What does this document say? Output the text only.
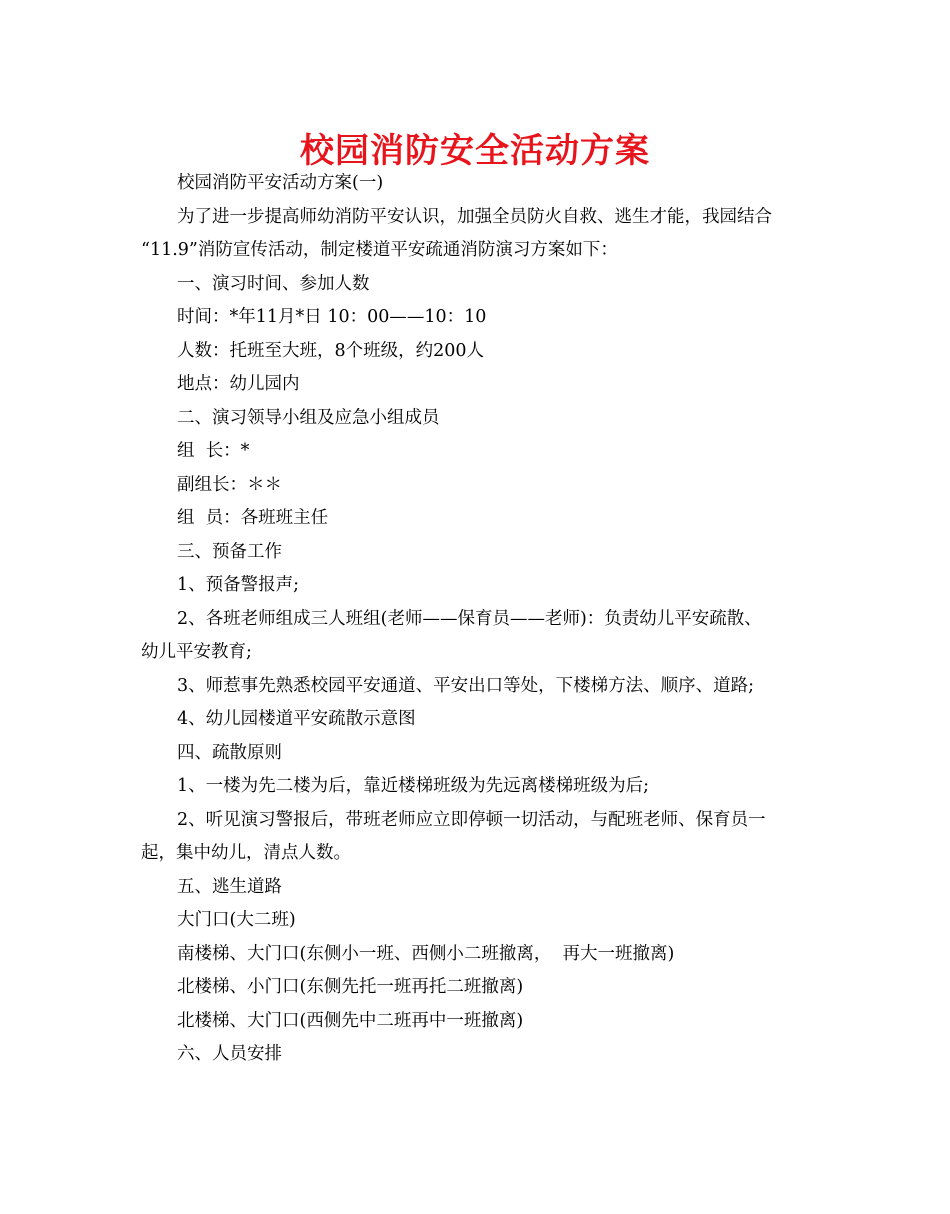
校园消防安全活动方案

校园消防平安活动方案(一)

为了进一步提高师幼消防平安认识，加强全员防火自救、逃生才能，我园结合

“11.9”消防宣传活动，制定楼道平安疏通消防演习方案如下：

一、演习时间、参加人数

时间：*年11月*日 10：00——10：10

人数：托班至大班，8个班级，约200人

地点：幼儿园内

二、演习领导小组及应急小组成员

组  长：*

副组长：＊＊

组  员：各班班主任

三、预备工作

1、预备警报声;

2、各班老师组成三人班组(老师——保育员——老师)：负责幼儿平安疏散、

幼儿平安教育;

3、师惹事先熟悉校园平安通道、平安出口等处，下楼梯方法、顺序、道路;

4、幼儿园楼道平安疏散示意图

四、疏散原则

1、一楼为先二楼为后，靠近楼梯班级为先远离楼梯班级为后;

2、听见演习警报后，带班老师应立即停顿一切活动，与配班老师、保育员一

起，集中幼儿，清点人数。

五、逃生道路

大门口(大二班)

南楼梯、大门口(东侧小一班、西侧小二班撤离，  再大一班撤离)

北楼梯、小门口(东侧先托一班再托二班撤离)

北楼梯、大门口(西侧先中二班再中一班撤离)

六、人员安排
